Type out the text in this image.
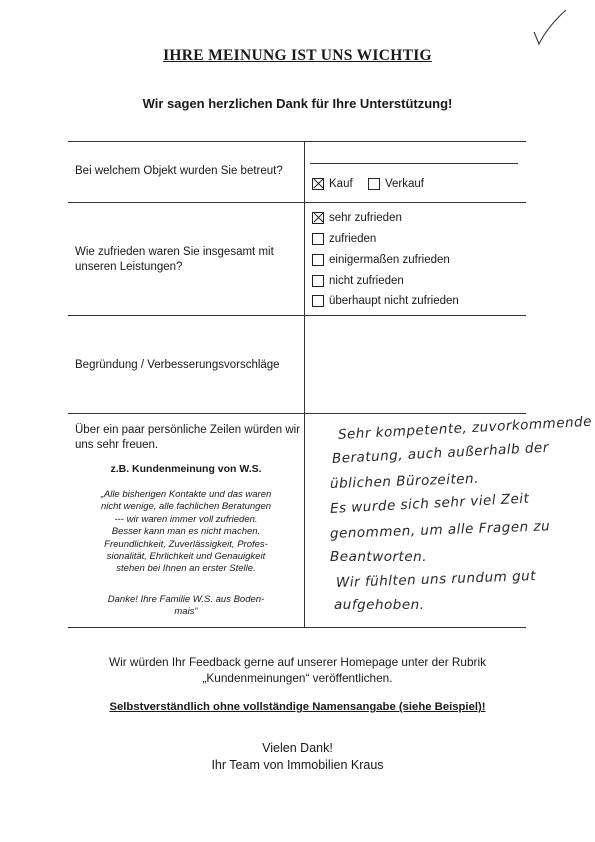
IHRE MEINUNG IST UNS WICHTIG
Wir sagen herzlichen Dank für Ihre Unterstützung!
Bei welchem Objekt wurden Sie betreut?
Kauf	Verkauf
Wie zufrieden waren Sie insgesamt mit unseren Leistungen?
sehr zufrieden
zufrieden
einigermaßen zufrieden
nicht zufrieden
überhaupt nicht zufrieden
Begründung / Verbesserungsvorschläge
Über ein paar persönliche Zeilen würden wir uns sehr freuen.
z.B. Kundenmeinung von W.S.
„Alle bisherigen Kontakte und das waren
nicht wenige, alle fachlichen Beratungen
--- wir waren immer voll zufrieden.
Besser kann man es nicht machen.
Freundlichkeit, Zuverlässigkeit, Profes-
sionalität, Ehrlichkeit und Genauigkeit
stehen bei Ihnen an erster Stelle.
Danke! Ihre Familie W.S. aus Boden-
mais“
Sehr kompetente, zuvorkommende
Beratung, auch außerhalb der
üblichen Bürozeiten.
Es wurde sich sehr viel Zeit
genommen, um alle Fragen zu
Beantworten.
Wir fühlten uns rundum gut
aufgehoben.
Wir würden Ihr Feedback gerne auf unserer Homepage unter der Rubrik
„Kundenmeinungen“ veröffentlichen.
Selbstverständlich ohne vollständige Namensangabe (siehe Beispiel)!
Vielen Dank!
Ihr Team von Immobilien Kraus
